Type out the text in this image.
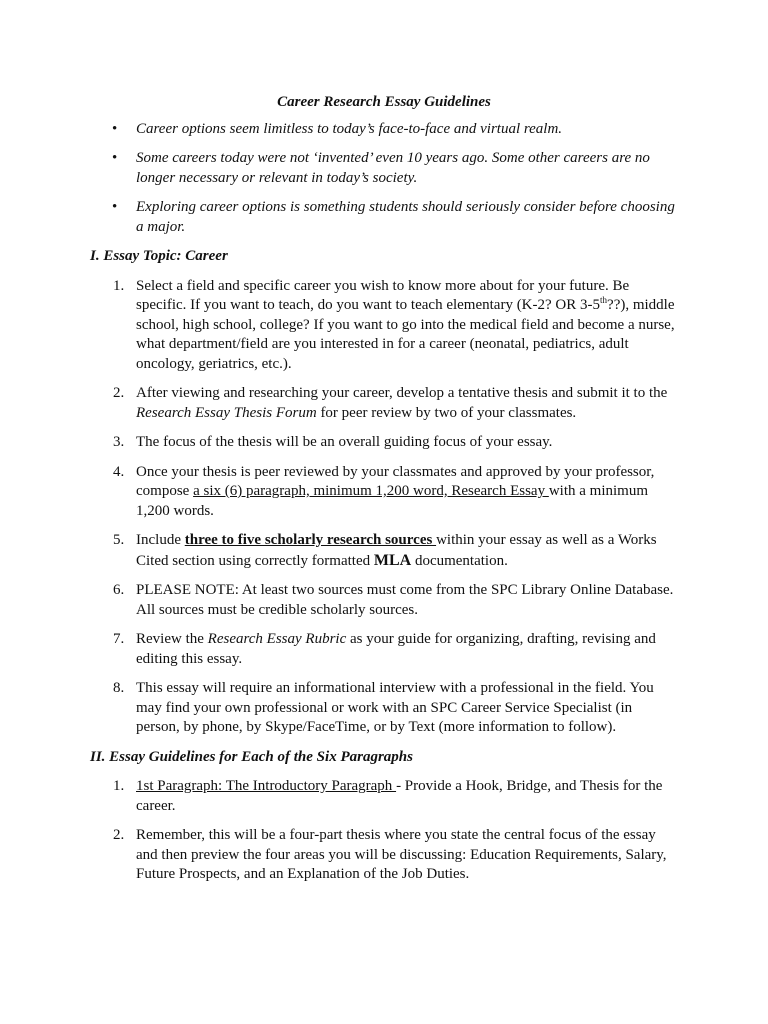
Career Research Essay Guidelines
• Career options seem limitless to today’s face-to-face and virtual realm.
• Some careers today were not ‘invented’ even 10 years ago. Some other careers are no longer necessary or relevant in today’s society.
• Exploring career options is something students should seriously consider before choosing a major.
I. Essay Topic: Career
1. Select a field and specific career you wish to know more about for your future. Be specific. If you want to teach, do you want to teach elementary (K-2? OR 3-5th??), middle school, high school, college? If you want to go into the medical field and become a nurse, what department/field are you interested in for a career (neonatal, pediatrics, adult oncology, geriatrics, etc.).
2. After viewing and researching your career, develop a tentative thesis and submit it to the Research Essay Thesis Forum for peer review by two of your classmates.
3. The focus of the thesis will be an overall guiding focus of your essay.
4. Once your thesis is peer reviewed by your classmates and approved by your professor, compose a six (6) paragraph, minimum 1,200 word, Research Essay with a minimum 1,200 words.
5. Include three to five scholarly research sources within your essay as well as a Works Cited section using correctly formatted MLA documentation.
6. PLEASE NOTE: At least two sources must come from the SPC Library Online Database. All sources must be credible scholarly sources.
7. Review the Research Essay Rubric as your guide for organizing, drafting, revising and editing this essay.
8. This essay will require an informational interview with a professional in the field. You may find your own professional or work with an SPC Career Service Specialist (in person, by phone, by Skype/FaceTime, or by Text (more information to follow).
II. Essay Guidelines for Each of the Six Paragraphs
1. 1st Paragraph: The Introductory Paragraph - Provide a Hook, Bridge, and Thesis for the career.
2. Remember, this will be a four-part thesis where you state the central focus of the essay and then preview the four areas you will be discussing: Education Requirements, Salary, Future Prospects, and an Explanation of the Job Duties.
